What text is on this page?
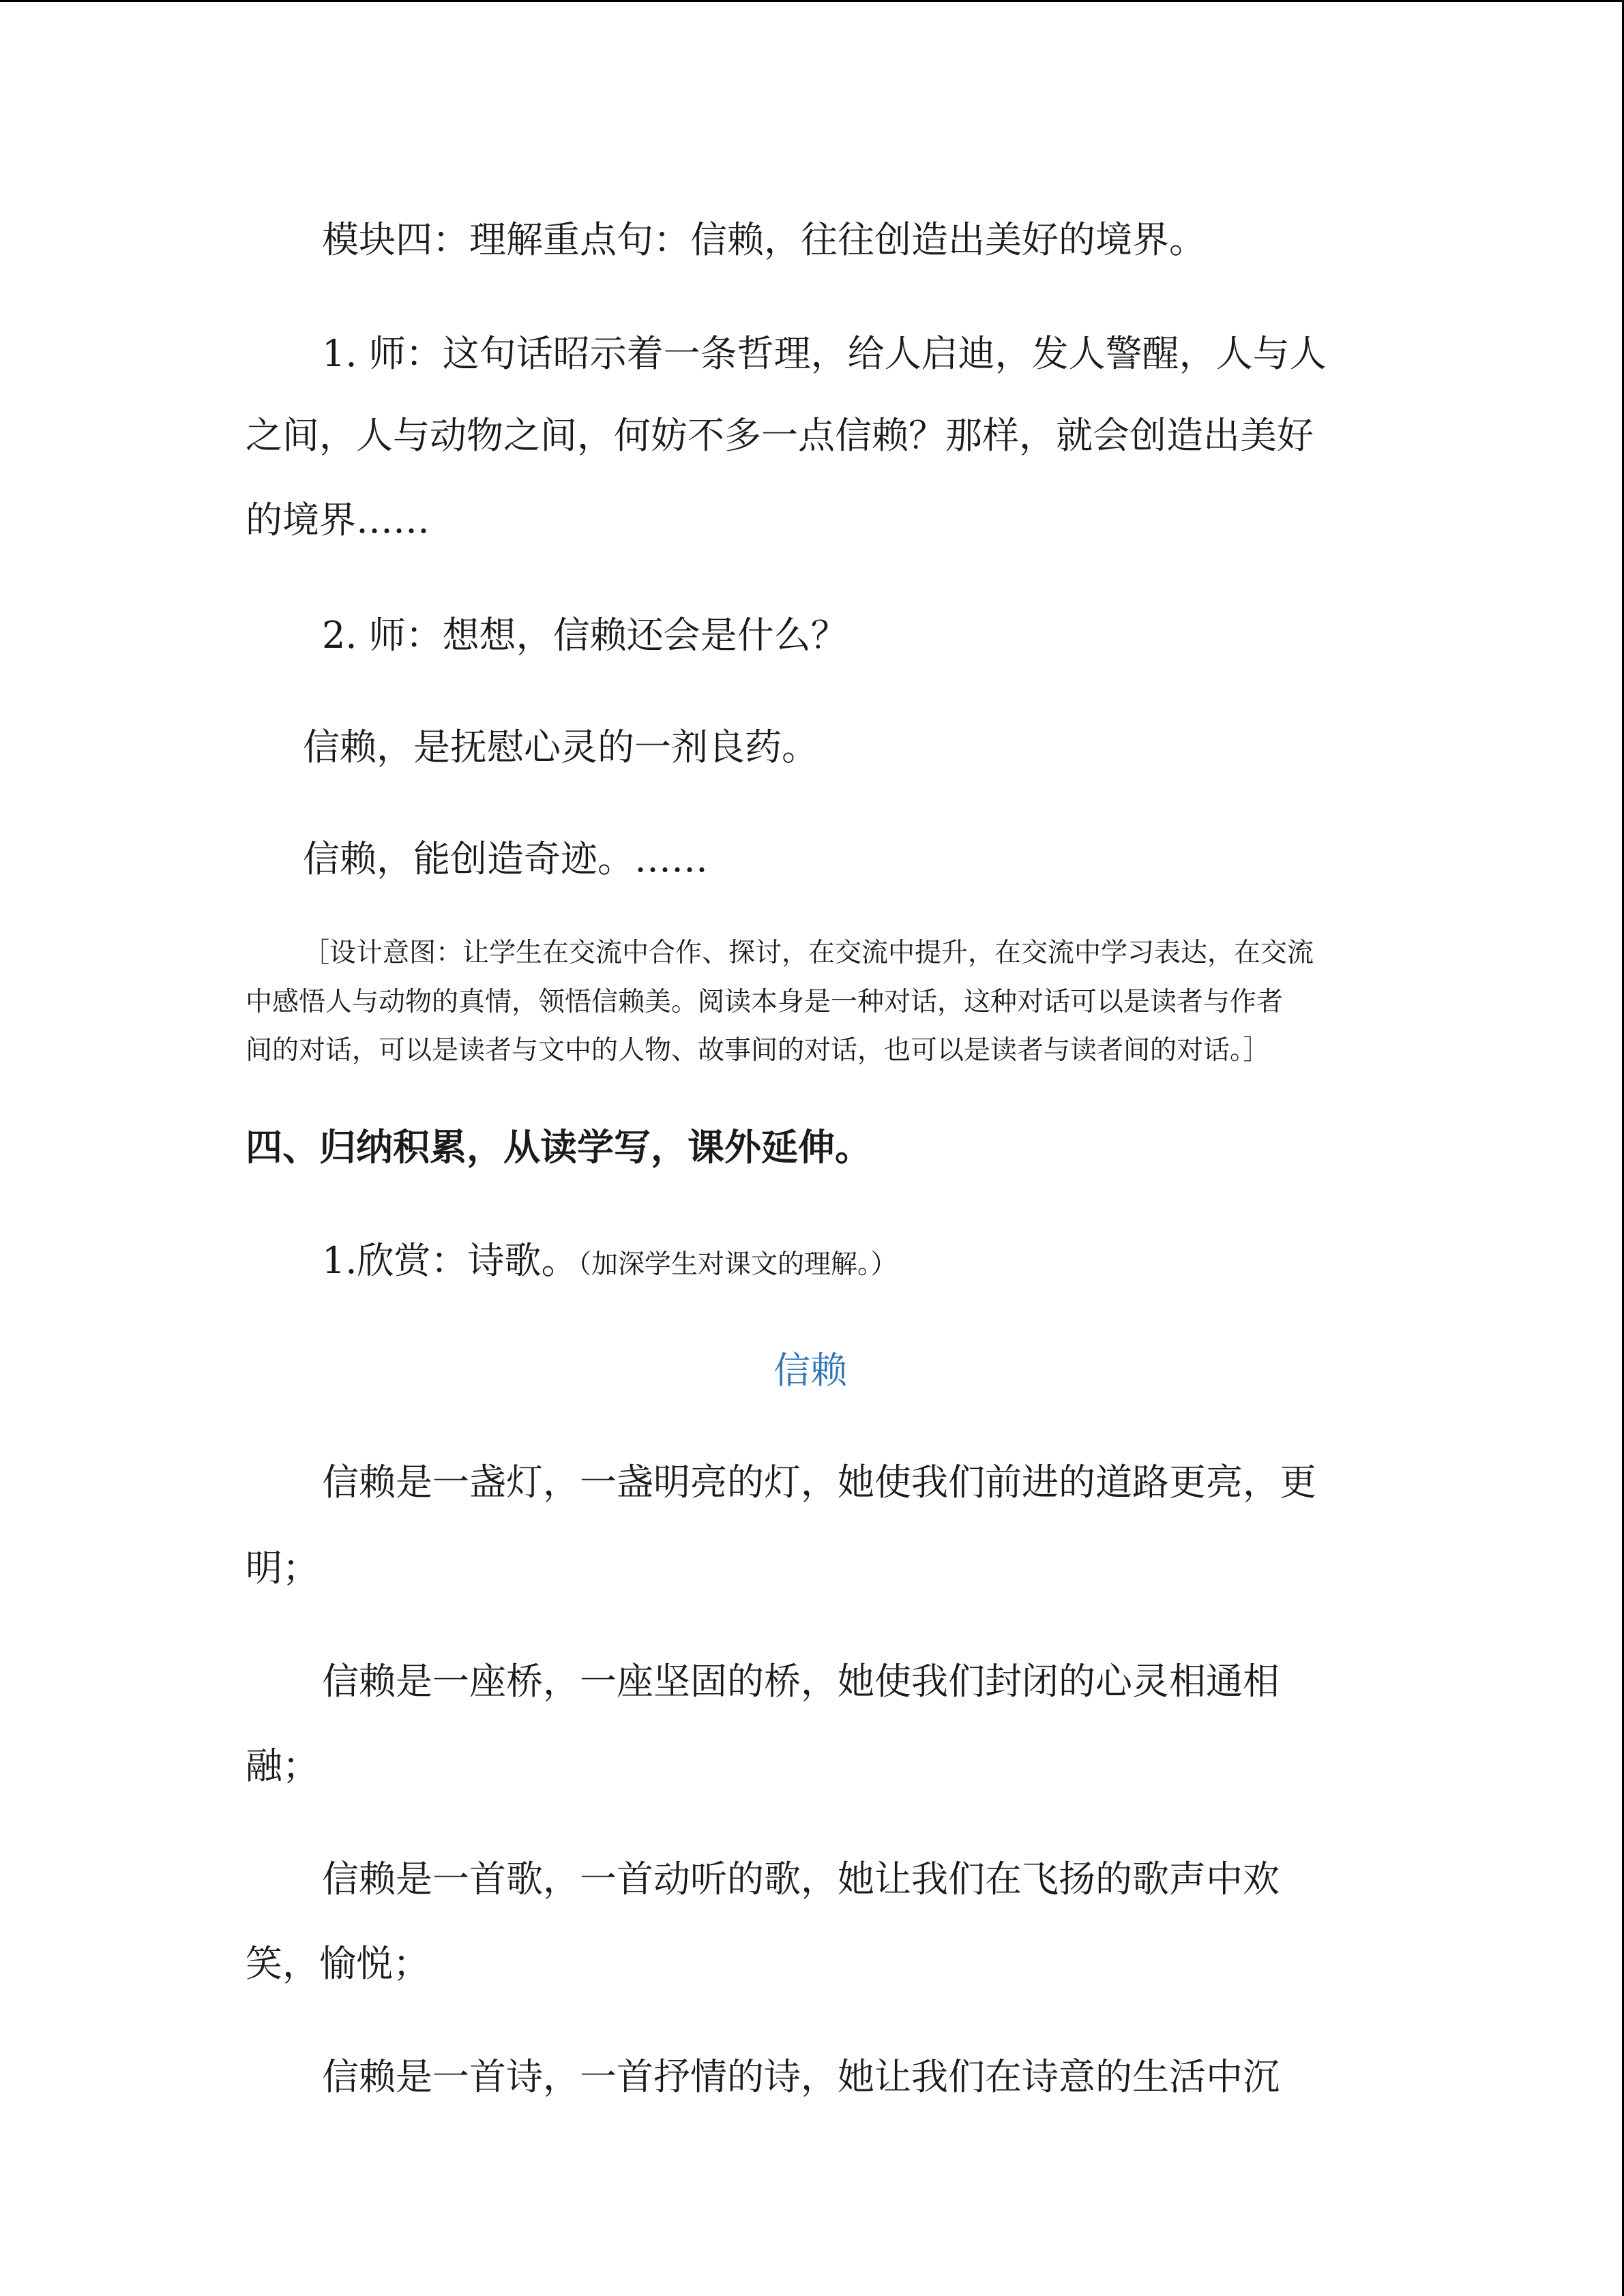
模块四：理解重点句：信赖，往往创造出美好的境界。
1. 师：这句话昭示着一条哲理，给人启迪，发人警醒，人与人
之间，人与动物之间，何妨不多一点信赖？那样，就会创造出美好
的境界……
2. 师：想想，信赖还会是什么？
信赖，是抚慰心灵的一剂良药。
信赖，能创造奇迹。……
［设计意图：让学生在交流中合作、探讨，在交流中提升，在交流中学习表达，在交流
中感悟人与动物的真情，领悟信赖美。阅读本身是一种对话，这种对话可以是读者与作者
间的对话，可以是读者与文中的人物、故事间的对话，也可以是读者与读者间的对话。］
四、归纳积累，从读学写，课外延伸。
1.欣赏：诗歌。（加深学生对课文的理解。）
信赖
信赖是一盏灯，一盏明亮的灯，她使我们前进的道路更亮，更
明；
信赖是一座桥，一座坚固的桥，她使我们封闭的心灵相通相
融；
信赖是一首歌，一首动听的歌，她让我们在飞扬的歌声中欢
笑，愉悦；
信赖是一首诗，一首抒情的诗，她让我们在诗意的生活中沉
